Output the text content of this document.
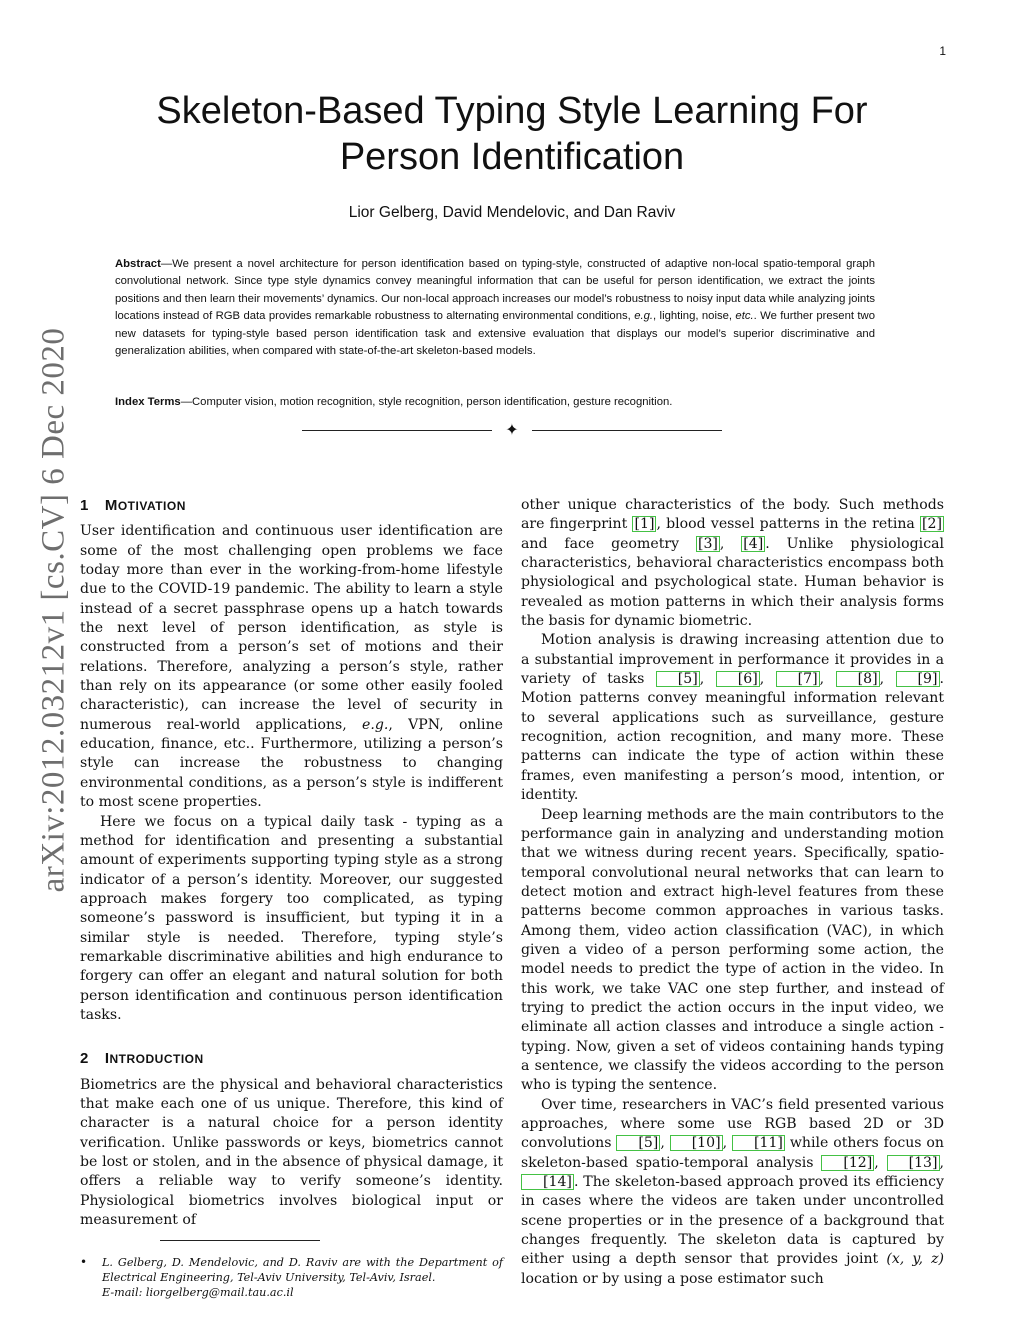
1
arXiv:2012.03212v1 [cs.CV] 6 Dec 2020
Skeleton-Based Typing Style Learning For
Person Identification
Lior Gelberg, David Mendelovic, and Dan Raviv

Abstract—We present a novel architecture for person identification based on typing-style, constructed of adaptive non-local spatio-temporal graph convolutional network. Since type style dynamics convey meaningful information that can be useful for person identification, we extract the joints positions and then learn their movements’ dynamics. Our non-local approach increases our model’s robustness to noisy input data while analyzing joints locations instead of RGB data provides remarkable robustness to alternating environmental conditions, e.g., lighting, noise, etc.. We further present two new datasets for typing-style based person identification task and extensive evaluation that displays our model’s superior discriminative and generalization abilities, when compared with state-of-the-art skeleton-based models.

Index Terms—Computer vision, motion recognition, style recognition, person identification, gesture recognition.

✦
1 MOTIVATION

User identification and continuous user identification are some of the most challenging open problems we face today more than ever in the working-from-home lifestyle due to the COVID-19 pandemic. The ability to learn a style instead of a secret passphrase opens up a hatch towards the next level of person identification, as style is constructed from a person’s set of motions and their relations. Therefore, analyzing a person’s style, rather than rely on its appearance (or some other easily fooled characteristic), can increase the level of security in numerous real-world applications, e.g., VPN, online education, finance, etc.. Furthermore, utilizing a person’s style can increase the robustness to changing environmental conditions, as a person’s style is indifferent to most scene properties.

Here we focus on a typical daily task - typing as a method for identification and presenting a substantial amount of experiments supporting typing style as a strong indicator of a person’s identity. Moreover, our suggested approach makes forgery too complicated, as typing someone’s password is insufficient, but typing it in a similar style is needed. Therefore, typing style’s remarkable discriminative abilities and high endurance to forgery can offer an elegant and natural solution for both person identification and continuous person identification tasks.

2 INTRODUCTION

Biometrics are the physical and behavioral characteristics that make each one of us unique. Therefore, this kind of character is a natural choice for a person identity verification. Unlike passwords or keys, biometrics cannot be lost or stolen, and in the absence of physical damage, it offers a reliable way to verify someone’s identity. Physiological biometrics involves biological input or measurement of

• L. Gelberg, D. Mendelovic, and D. Raviv are with the Department of Electrical Engineering, Tel-Aviv University, Tel-Aviv, Israel.
E-mail: liorgelberg@mail.tau.ac.il

other unique characteristics of the body. Such methods are fingerprint [1] , blood vessel patterns in the retina [2] and face geometry [3] , [4] . Unlike physiological characteristics, behavioral characteristics encompass both physiological and psychological state. Human behavior is revealed as motion patterns in which their analysis forms the basis for dynamic biometric.

Motion analysis is drawing increasing attention due to a substantial improvement in performance it provides in a variety of tasks [5] , [6] , [7] , [8] , [9] . Motion patterns convey meaningful information relevant to several applications such as surveillance, gesture recognition, action recognition, and many more. These patterns can indicate the type of action within these frames, even manifesting a person’s mood, intention, or identity.

Deep learning methods are the main contributors to the performance gain in analyzing and understanding motion that we witness during recent years. Specifically, spatio-temporal convolutional neural networks that can learn to detect motion and extract high-level features from these patterns become common approaches in various tasks. Among them, video action classification (VAC), in which given a video of a person performing some action, the model needs to predict the type of action in the video. In this work, we take VAC one step further, and instead of trying to predict the action occurs in the input video, we eliminate all action classes and introduce a single action - typing. Now, given a set of videos containing hands typing a sentence, we classify the videos according to the person who is typing the sentence.

Over time, researchers in VAC’s field presented various approaches, where some use RGB based 2D or 3D convolutions [5] , [10] , [11] while others focus on skeleton-based spatio-temporal analysis [12] , [13] , [14] . The skeleton-based approach proved its efficiency in cases where the videos are taken under uncontrolled scene properties or in the presence of a background that changes frequently. The skeleton data is captured by either using a depth sensor that provides joint (x, y, z) location or by using a pose estimator such
